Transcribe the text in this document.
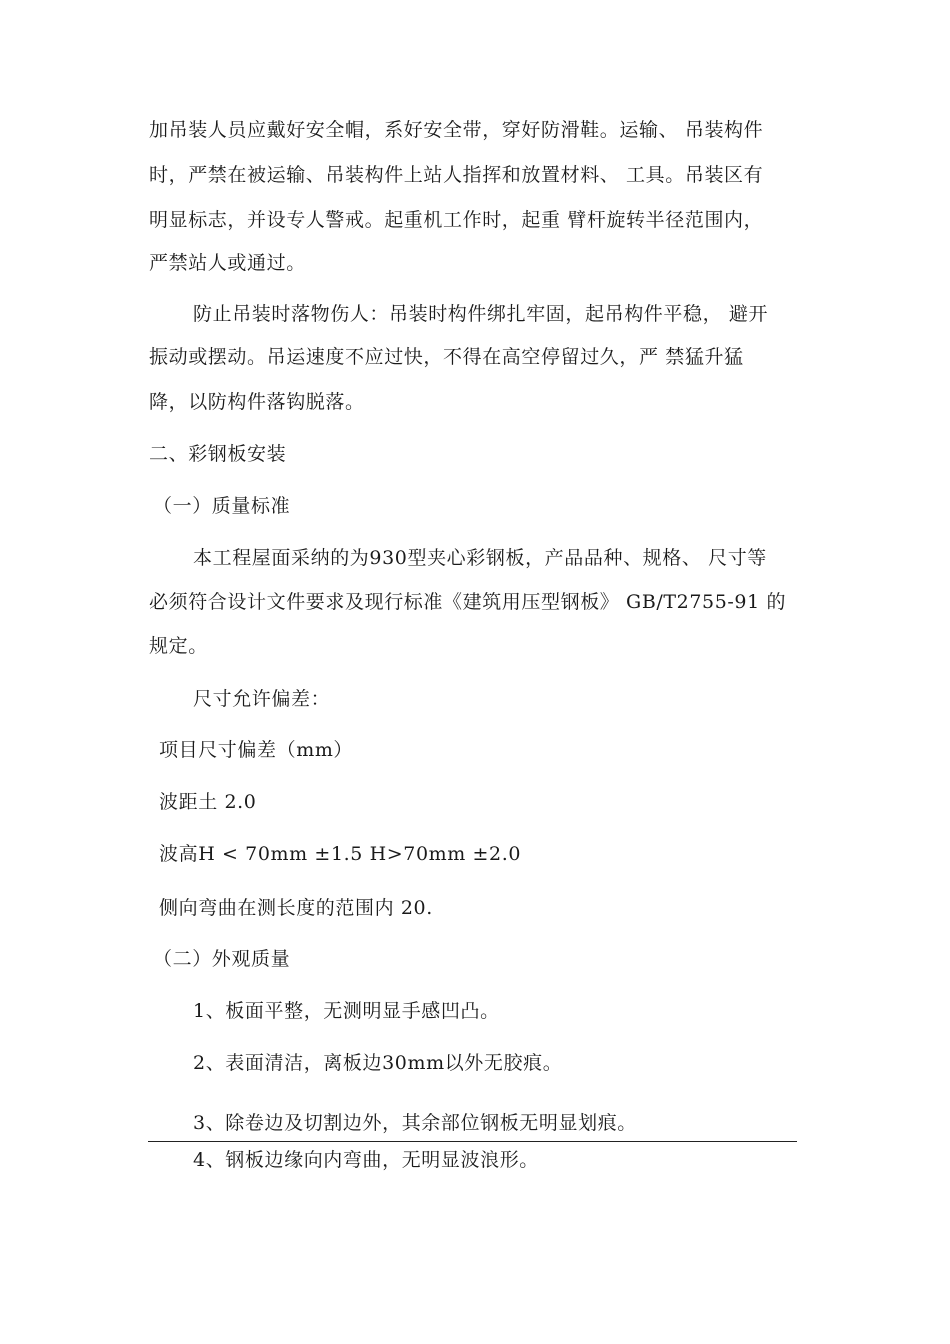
加吊装人员应戴好安全帽，系好安全带，穿好防滑鞋。运输、 吊装构件
时，严禁在被运输、吊装构件上站人指挥和放置材料、 工具。吊装区有
明显标志，并设专人警戒。起重机工作时，起重 臂杆旋转半径范围内，
严禁站人或通过。
防止吊装时落物伤人：吊装时构件绑扎牢固，起吊构件平稳， 避开
振动或摆动。吊运速度不应过快，不得在高空停留过久，严 禁猛升猛
降，以防构件落钩脱落。
二、彩钢板安装
（一）质量标准
本工程屋面采纳的为930型夹心彩钢板，产品品种、规格、 尺寸等
必须符合设计文件要求及现行标准《建筑用压型钢板》 GB/T2755-91 的
规定。
尺寸允许偏差：
项目尺寸偏差（mm）
波距土 2.0
波高H < 70mm ±1.5 H>70mm ±2.0
侧向弯曲在测长度的范围内 20.
（二）外观质量
1、板面平整，无测明显手感凹凸。
2、表面清洁，离板边30mm以外无胶痕。
3、除卷边及切割边外，其余部位钢板无明显划痕。
4、钢板边缘向内弯曲，无明显波浪形。
